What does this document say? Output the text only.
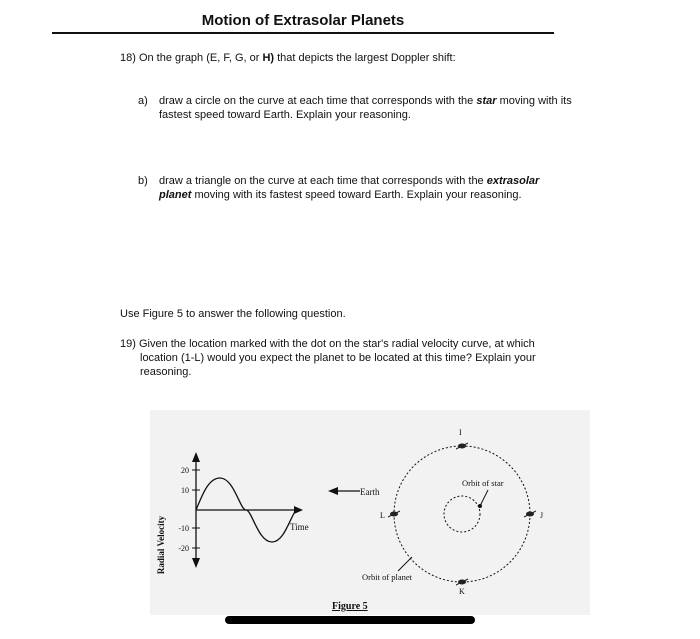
Motion of Extrasolar Planets
18) On the graph (E, F, G, or H) that depicts the largest Doppler shift:
a) draw a circle on the curve at each time that corresponds with the star moving with its
fastest speed toward Earth. Explain your reasoning.
b) draw a triangle on the curve at each time that corresponds with the extrasolar
planet moving with its fastest speed toward Earth. Explain your reasoning.
Use Figure 5 to answer the following question.
19) Given the location marked with the dot on the star's radial velocity curve, at which

location (1-L) would you expect the planet to be located at this time? Explain your
reasoning.
Radial Velocity
20
10
-10
-20
Time
Earth
Orbit of star
Orbit of planet
I
J
K
L
Figure 5
